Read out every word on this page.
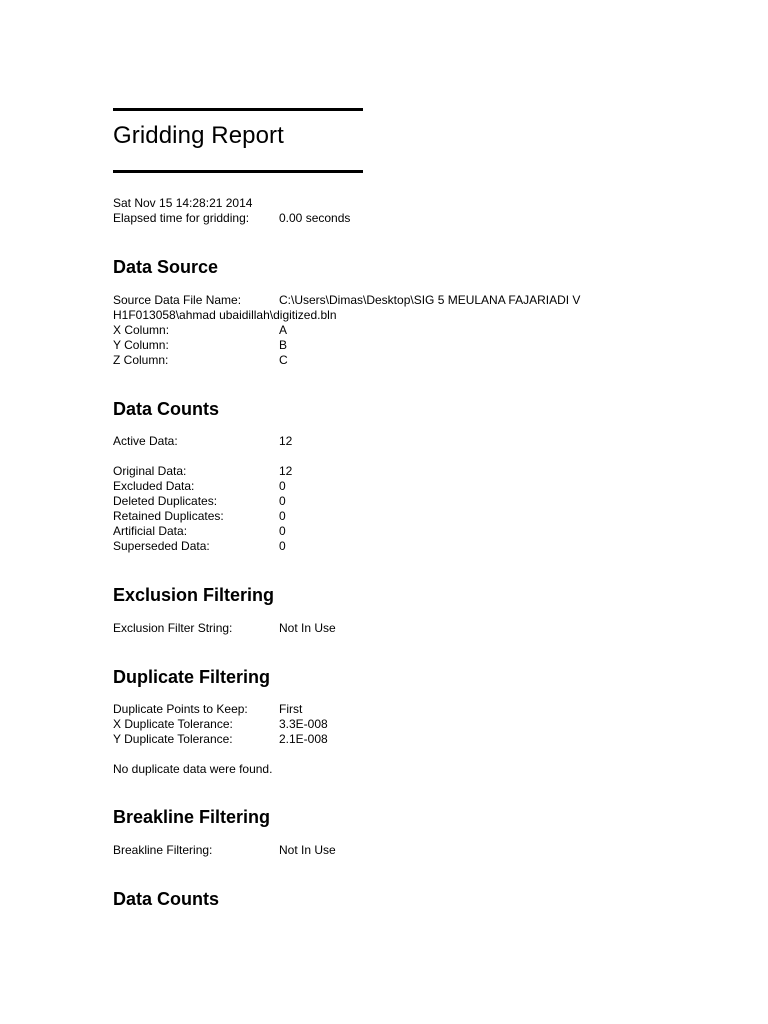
Gridding Report
Sat Nov 15 14:28:21 2014
Elapsed time for gridding: 0.00 seconds
Data Source
Source Data File Name:	C:\Users\Dimas\Desktop\SIG 5 MEULANA FAJARIADI V
H1F013058\ahmad ubaidillah\digitized.bln
X Column:	A
Y Column:	B
Z Column:	C
Data Counts
Active Data:	12
Original Data:	12
Excluded Data:	0
Deleted Duplicates:	0
Retained Duplicates:	0
Artificial Data:	0
Superseded Data:	0
Exclusion Filtering
Exclusion Filter String:	Not In Use
Duplicate Filtering
Duplicate Points to Keep:	First
X Duplicate Tolerance:	3.3E-008
Y Duplicate Tolerance:	2.1E-008
No duplicate data were found.
Breakline Filtering
Breakline Filtering:	Not In Use
Data Counts
